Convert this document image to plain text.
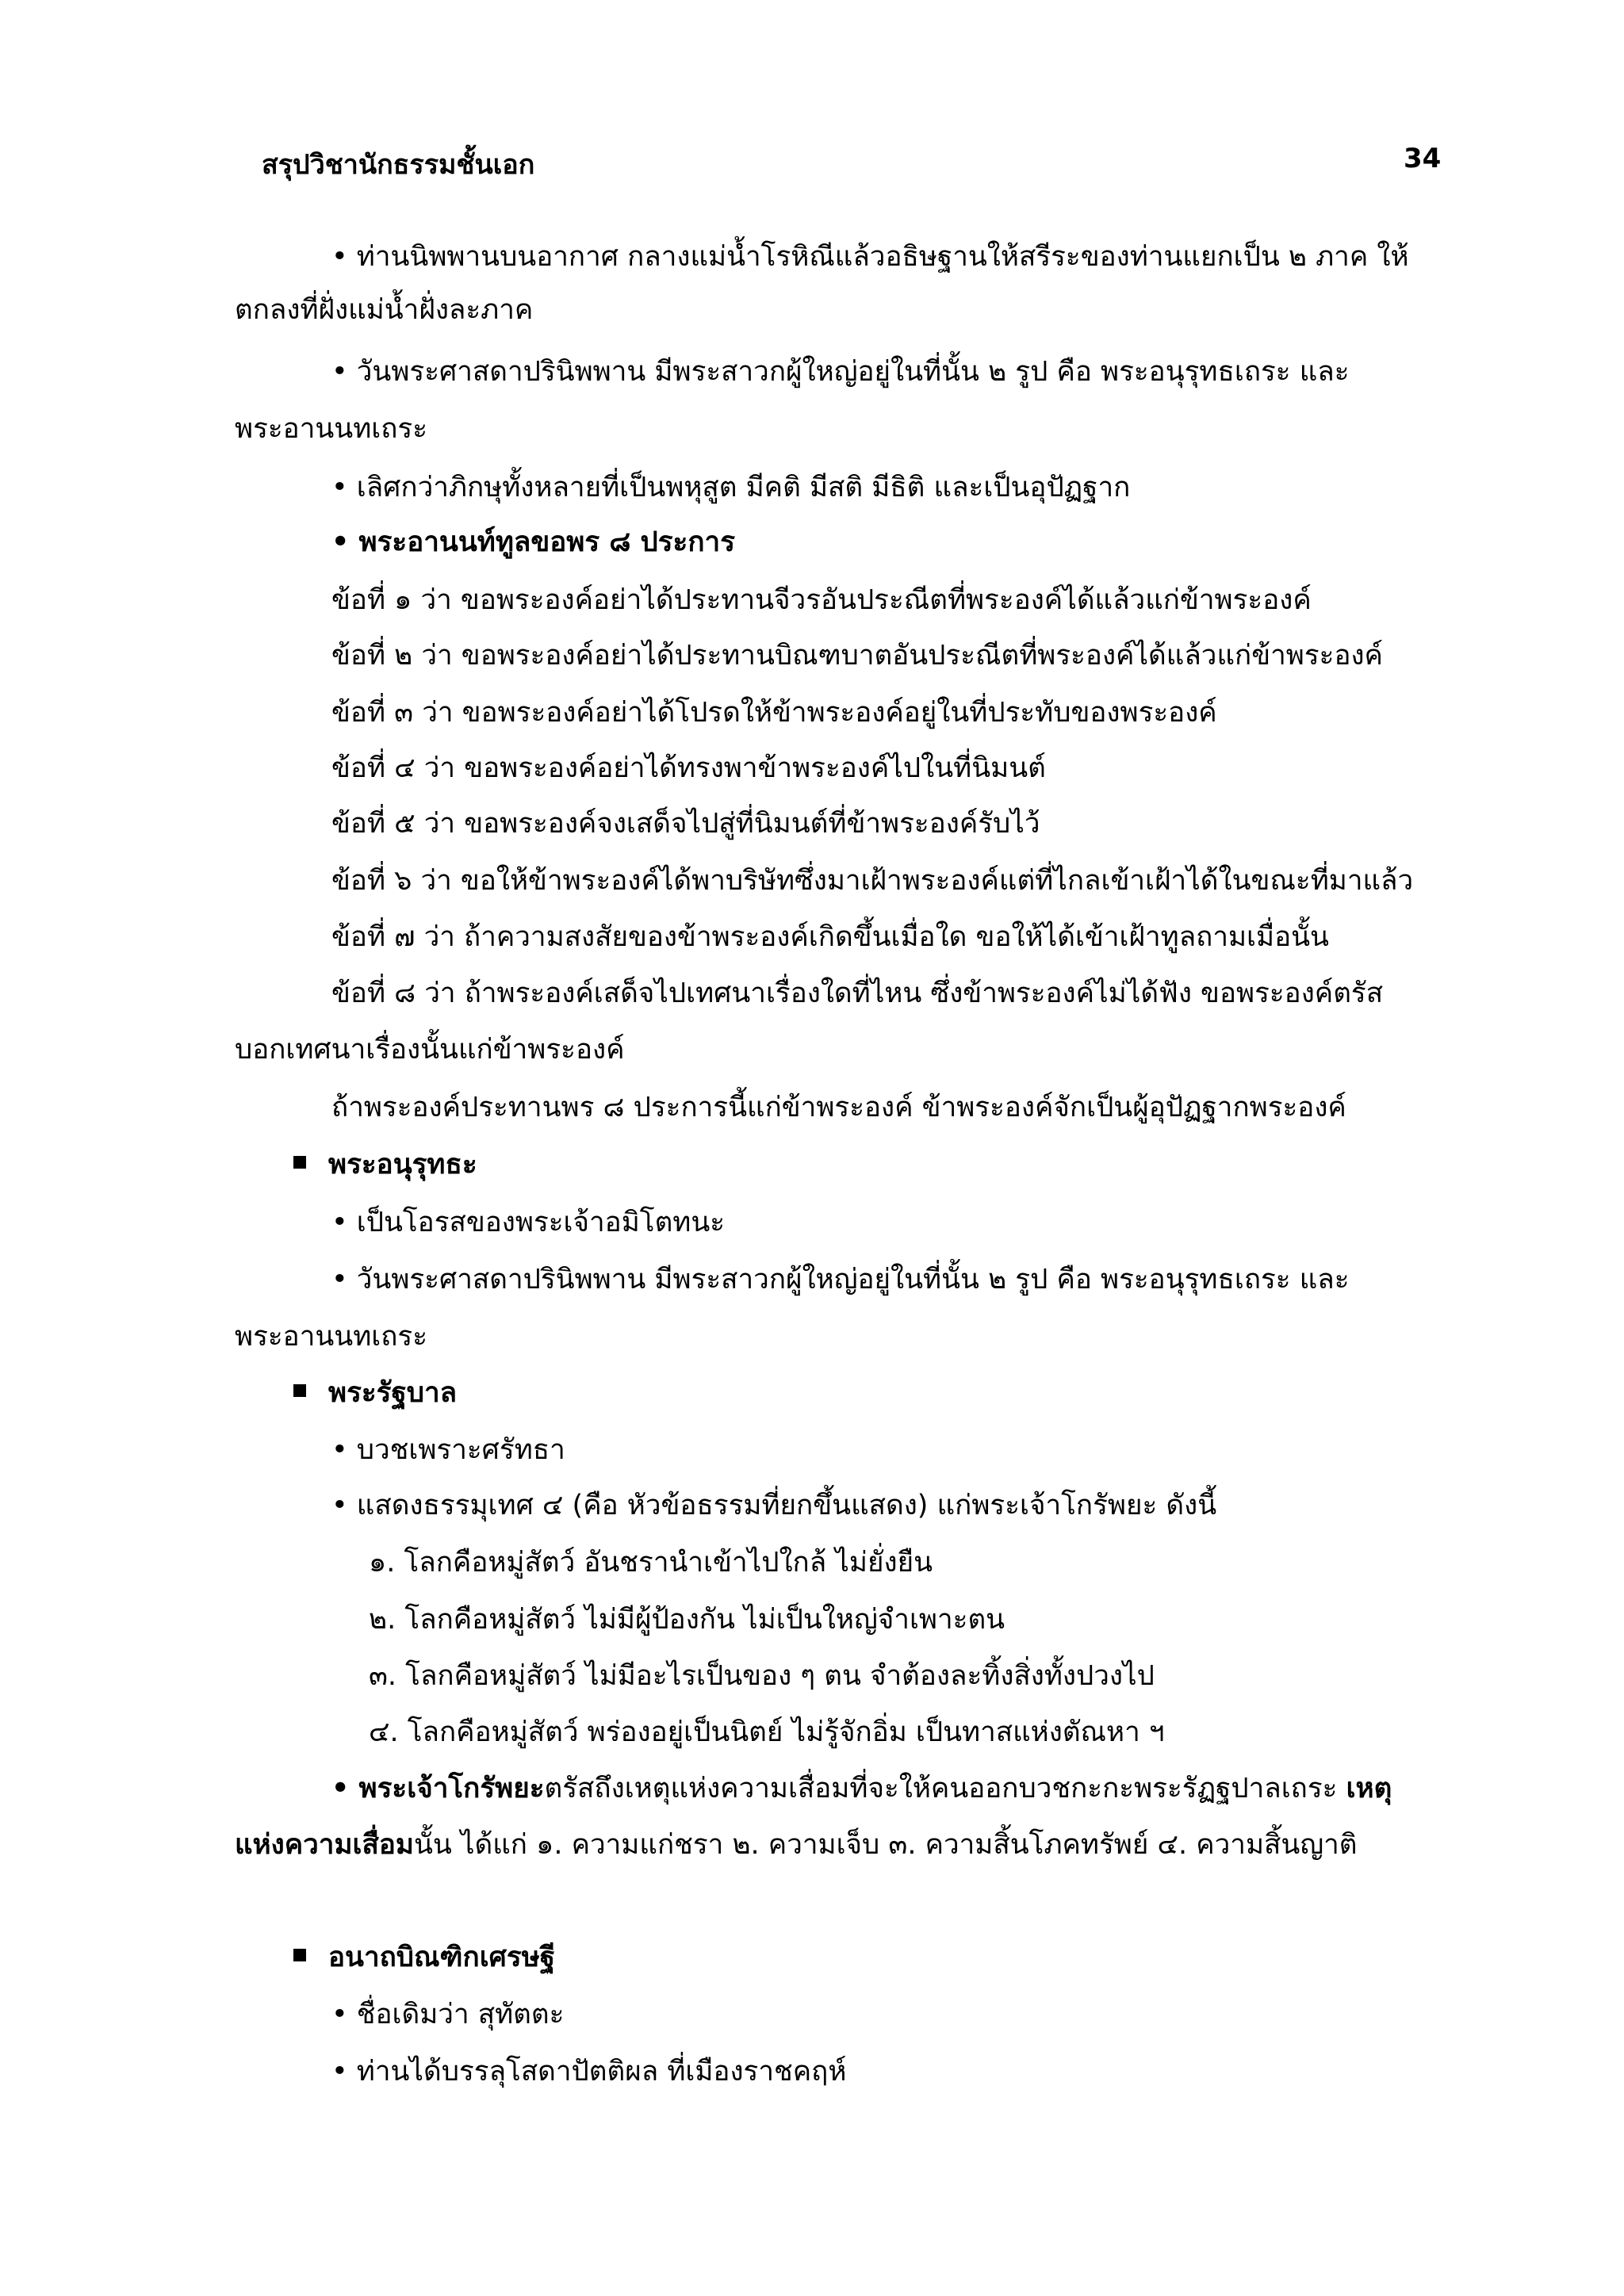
สรุปวิชานักธรรมชั้นเอก	34
• ท่านนิพพานบนอากาศ กลางแม่น้ำโรหิณีแล้วอธิษฐานให้สรีระของท่านแยกเป็น ๒ ภาค ให้
ตกลงที่ฝั่งแม่น้ำฝั่งละภาค
• วันพระศาสดาปรินิพพาน มีพระสาวกผู้ใหญ่อยู่ในที่นั้น ๒ รูป คือ พระอนุรุทธเถระ และ
พระอานนทเถระ
• เลิศกว่าภิกษุทั้งหลายที่เป็นพหุสูต มีคติ มีสติ มีธิติ และเป็นอุปัฏฐาก
• พระอานนท์ทูลขอพร ๘ ประการ
ข้อที่ ๑ ว่า ขอพระองค์อย่าได้ประทานจีวรอันประณีตที่พระองค์ได้แล้วแก่ข้าพระองค์
ข้อที่ ๒ ว่า ขอพระองค์อย่าได้ประทานบิณฑบาตอันประณีตที่พระองค์ได้แล้วแก่ข้าพระองค์
ข้อที่ ๓ ว่า ขอพระองค์อย่าได้โปรดให้ข้าพระองค์อยู่ในที่ประทับของพระองค์
ข้อที่ ๔ ว่า ขอพระองค์อย่าได้ทรงพาข้าพระองค์ไปในที่นิมนต์
ข้อที่ ๕ ว่า ขอพระองค์จงเสด็จไปสู่ที่นิมนต์ที่ข้าพระองค์รับไว้
ข้อที่ ๖ ว่า ขอให้ข้าพระองค์ได้พาบริษัทซึ่งมาเฝ้าพระองค์แต่ที่ไกลเข้าเฝ้าได้ในขณะที่มาแล้ว
ข้อที่ ๗ ว่า ถ้าความสงสัยของข้าพระองค์เกิดขึ้นเมื่อใด ขอให้ได้เข้าเฝ้าทูลถามเมื่อนั้น
ข้อที่ ๘ ว่า ถ้าพระองค์เสด็จไปเทศนาเรื่องใดที่ไหน ซึ่งข้าพระองค์ไม่ได้ฟัง ขอพระองค์ตรัส
บอกเทศนาเรื่องนั้นแก่ข้าพระองค์
ถ้าพระองค์ประทานพร ๘ ประการนี้แก่ข้าพระองค์ ข้าพระองค์จักเป็นผู้อุปัฏฐากพระองค์
พระอนุรุทธะ
• เป็นโอรสของพระเจ้าอมิโตทนะ
• วันพระศาสดาปรินิพพาน มีพระสาวกผู้ใหญ่อยู่ในที่นั้น ๒ รูป คือ พระอนุรุทธเถระ และ
พระอานนทเถระ
พระรัฐบาล
• บวชเพราะศรัทธา
• แสดงธรรมุเทศ ๔ (คือ หัวข้อธรรมที่ยกขึ้นแสดง) แก่พระเจ้าโกรัพยะ ดังนี้
๑. โลกคือหมู่สัตว์ อันชรานำเข้าไปใกล้ ไม่ยั่งยืน
๒. โลกคือหมู่สัตว์ ไม่มีผู้ป้องกัน ไม่เป็นใหญ่จำเพาะตน
๓. โลกคือหมู่สัตว์ ไม่มีอะไรเป็นของ ๆ ตน จำต้องละทิ้งสิ่งทั้งปวงไป
๔. โลกคือหมู่สัตว์ พร่องอยู่เป็นนิตย์ ไม่รู้จักอิ่ม เป็นทาสแห่งตัณหา ฯ
• พระเจ้าโกรัพยะตรัสถึงเหตุแห่งความเสื่อมที่จะให้คนออกบวชกะกะพระรัฏฐปาลเถระ เหตุ
แห่งความเสื่อมนั้น ได้แก่ ๑. ความแก่ชรา ๒. ความเจ็บ ๓. ความสิ้นโภคทรัพย์ ๔. ความสิ้นญาติ
อนาถบิณฑิกเศรษฐี
• ชื่อเดิมว่า สุทัตตะ
• ท่านได้บรรลุโสดาปัตติผล ที่เมืองราชคฤห์
